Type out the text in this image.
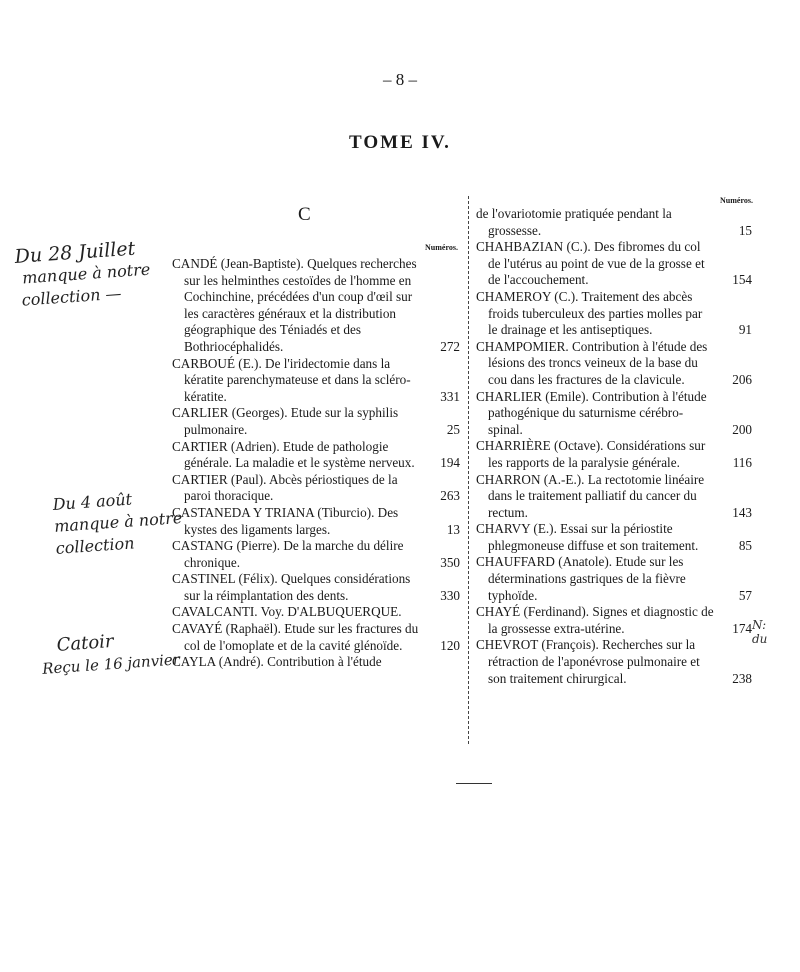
– 8 –
TOME IV.
C
Numéros.
Numéros.
CANDÉ (Jean-Baptiste). Quelques recherches sur les helminthes cestoïdes de l'homme en Cochinchine, précédées d'un coup d'œil sur les caractères généraux et la distribution géographique des Téniadés et des Bothriocéphalidés.	272
CARBOUÉ (E.). De l'iridectomie dans la kératite parenchymateuse et dans la scléro-kératite.	331
CARLIER (Georges). Etude sur la syphilis pulmonaire.	25
CARTIER (Adrien). Etude de pathologie générale. La maladie et le système nerveux. 194
CARTIER (Paul). Abcès périostiques de la paroi thoracique.	263
CASTANEDA Y TRIANA (Tiburcio). Des kystes des ligaments larges.	13
CASTANG (Pierre). De la marche du délire chronique.	350
CASTINEL (Félix). Quelques considérations sur la réimplantation des dents.	330
CAVALCANTI. Voy. D'ALBUQUERQUE.
CAVAYÉ (Raphaël). Etude sur les fractures du col de l'omoplate et de la cavité glénoïde.	120
CAYLA (André). Contribution à l'étude
de l'ovariotomie pratiquée pendant la grossesse.	15
CHAHBAZIAN (C.). Des fibromes du col de l'utérus au point de vue de la grosse et de l'accouchement.	154
CHAMEROY (C.). Traitement des abcès froids tuberculeux des parties molles par le drainage et les antiseptiques.	91
CHAMPOMIER. Contribution à l'étude des lésions des troncs veineux de la base du cou dans les fractures de la clavicule.	206
CHARLIER (Emile). Contribution à l'étude pathogénique du saturnisme cérébro-spinal.	200
CHARRIÈRE (Octave). Considérations sur les rapports de la paralysie générale.	116
CHARRON (A.-E.). La rectotomie linéaire dans le traitement palliatif du cancer du rectum.	143
CHARVY (E.). Essai sur la périostite phlegmoneuse diffuse et son traitement.	85
CHAUFFARD (Anatole). Etude sur les déterminations gastriques de la fièvre typhoïde.	57
CHAYÉ (Ferdinand). Signes et diagnostic de la grossesse extra-utérine.	174
CHEVROT (François). Recherches sur la rétraction de l'aponévrose pulmonaire et son traitement chirurgical.	238
Du 28 Juillet
manque à notre
collection —
Du 4 août
manque à notre
collection
Catoir
Reçu le 16 janvier
N: du
